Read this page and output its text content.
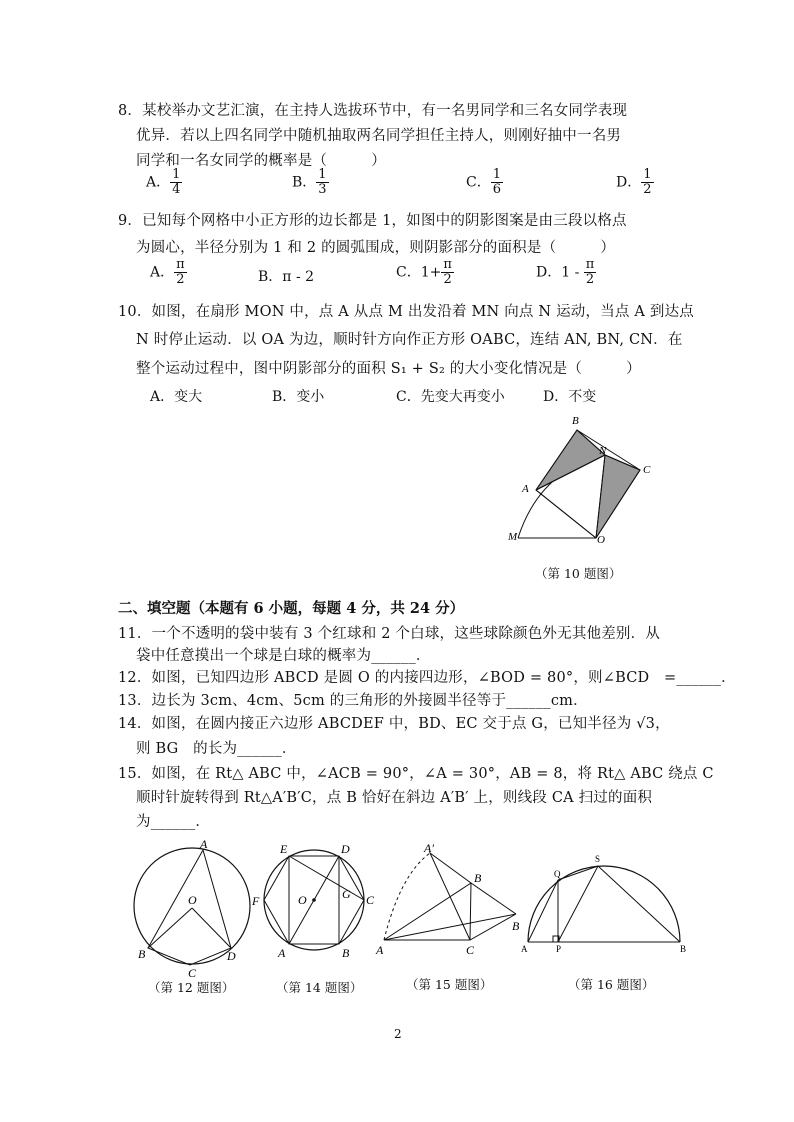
8．某校举办文艺汇演，在主持人选拔环节中，有一名男同学和三名女同学表现
优异．若以上四名同学中随机抽取两名同学担任主持人，则刚好抽中一名男
同学和一名女同学的概率是（　　　）
A． $\frac{1}{4}$	B． $\frac{1}{3}$	C． $\frac{1}{6}$	D． $\frac{1}{2}$
9．已知每个网格中小正方形的边长都是 1，如图中的阴影图案是由三段以格点
为圆心，半径分别为 1 和 2 的圆弧围成，则阴影部分的面积是（　　　）
A． $\frac{\pi}{2}$	B．π - 2	C．$1+ \frac{\pi}{2}$	D．$1 - \frac{\pi}{2}$
10．如图，在扇形 MON 中，点 A 从点 M 出发沿着 MN 向点 N 运动，当点 A 到达点
N 时停止运动．以 OA 为边，顺时针方向作正方形 OABC，连结 AN, BN, CN．在
整个运动过程中，图中阴影部分的面积 S₁ + S₂ 的大小变化情况是（　　　）
A．变大	B．变小	C．先变大再变小	D．不变
B
N
C
A
M	O
（第 10 题图）
二、填空题（本题有 6 小题，每题 4 分，共 24 分）
11．一个不透明的袋中装有 3 个红球和 2 个白球，这些球除颜色外无其他差别．从
袋中任意摸出一个球是白球的概率为______．
12．如图，已知四边形 ABCD 是圆 O 的内接四边形，∠BOD = 80°，则∠BCD　=______．
13．边长为 3cm、4cm、5cm 的三角形的外接圆半径等于______cm．
14．如图，在圆内接正六边形 ABCDEF 中，BD、EC 交于点 G，已知半径为 √3，
则 BG　的长为______．
15．如图，在 Rt△ ABC 中，∠ACB = 90°，∠A = 30°，AB = 8，将 Rt△ ABC 绕点 C
顺时针旋转得到 Rt△A′B′C，点 B 恰好在斜边 A′B′ 上，则线段 CA 扫过的面积
为______．
A
O
B	D
C
（第 12 题图）
E	D
F	O	G C
A	B
（第 14 题图）
A′
B
B
A	C
（第 15 题图）
Q
S
A	P	B
（第 16 题图）
2
